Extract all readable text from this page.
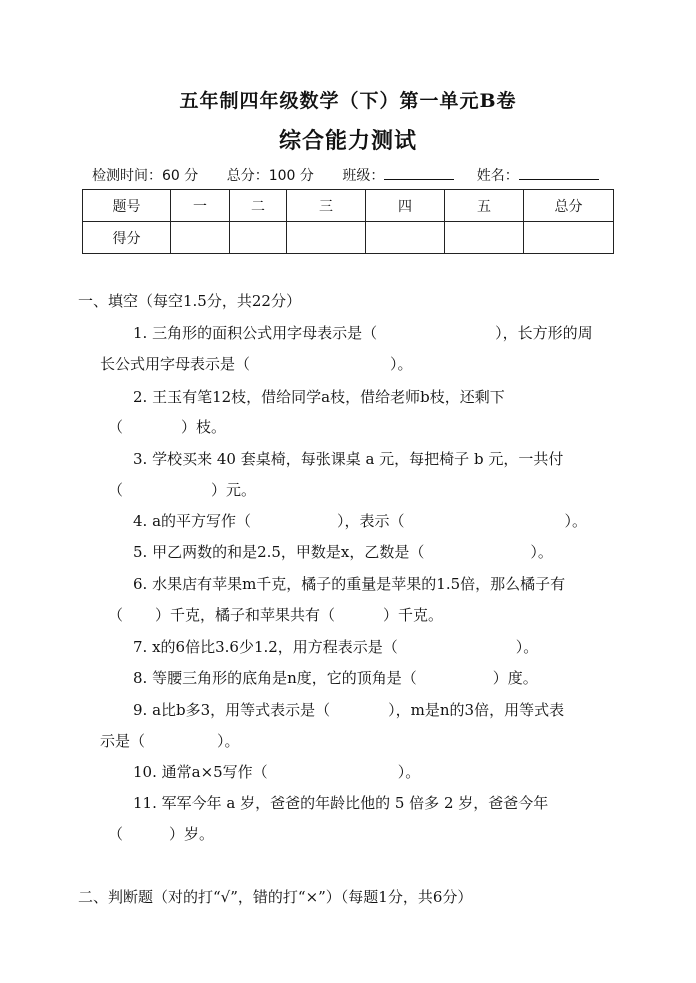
五年制四年级数学（下）第一单元B卷
综合能力测试
检测时间：60 分 总分：100 分 班级：	姓名：
题号	一	二	三	四	五	总分
得分						
一、填空（每空1.5分，共22分）
1. 三角形的面积公式用字母表示是（	），长方形的周
长公式用字母表示是（	）。
2. 王玉有笔12枝，借给同学a枝，借给老师b枝，还剩下
（	）枝。
3. 学校买来 40 套桌椅，每张课桌 a 元，每把椅子 b 元，一共付
（	）元。
4. a的平方写作（	），表示（	）。
5. 甲乙两数的和是2.5，甲数是x，乙数是（	）。
6. 水果店有苹果m千克，橘子的重量是苹果的1.5倍，那么橘子有
（ ）千克，橘子和苹果共有（	）千克。
7. x的6倍比3.6少1.2，用方程表示是（	）。
8. 等腰三角形的底角是n度，它的顶角是（	）度。
9. a比b多3，用等式表示是（	），m是n的3倍，用等式表
示是（	）。
10. 通常a×5写作（	）。
11. 军军今年 a 岁，爸爸的年龄比他的 5 倍多 2 岁，爸爸今年
（	）岁。
二、判断题（对的打“√”，错的打“×”）（每题1分，共6分）
